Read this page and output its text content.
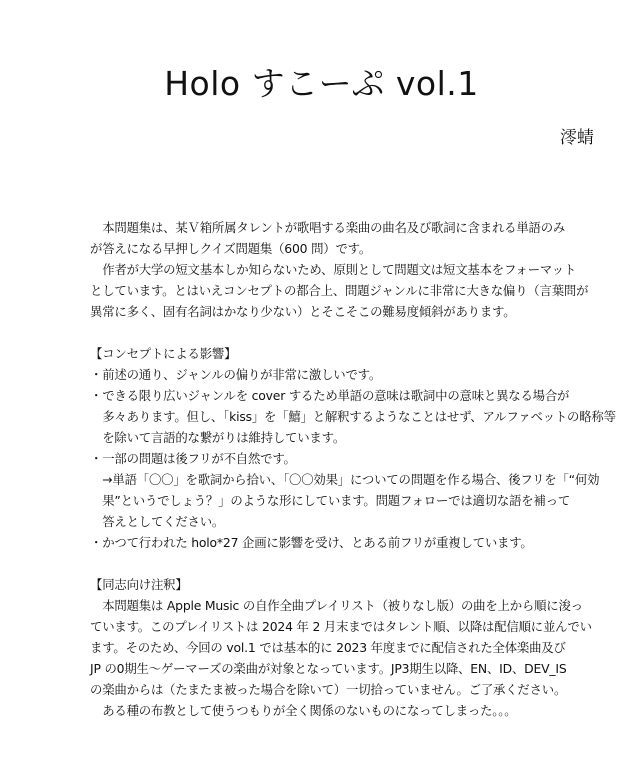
Holo すこーぷ vol.1
澪蜻

　本問題集は、某Ｖ箱所属タレントが歌唱する楽曲の曲名及び歌詞に含まれる単語のみ

が答えになる早押しクイズ問題集（600 問）です。

　作者が大学の短文基本しか知らないため、原則として問題文は短文基本をフォーマット

としています。とはいえコンセプトの都合上、問題ジャンルに非常に大きな偏り（言葉問が

異常に多く、固有名詞はかなり少ない）とそこそこの難易度傾斜があります。

【コンセプトによる影響】

・前述の通り、ジャンルの偏りが非常に激しいです。

・できる限り広いジャンルを cover するため単語の意味は歌詞中の意味と異なる場合が

　多々あります。但し、「kiss」を「鱚」と解釈するようなことはせず、アルファベットの略称等

　を除いて言語的な繋がりは維持しています。

・一部の問題は後フリが不自然です。

　→単語「〇〇」を歌詞から拾い、「〇〇効果」についての問題を作る場合、後フリを「“何効

　果”というでしょう？」のような形にしています。問題フォローでは適切な語を補って

　答えとしてください。

・かつて行われた holo*27 企画に影響を受け、とある前フリが重複しています。

【同志向け注釈】

　本問題集は Apple Music の自作全曲プレイリスト（被りなし版）の曲を上から順に浚っ

ています。このプレイリストは 2024 年 2 月末まではタレント順、以降は配信順に並んでい

ます。そのため、今回の vol.1 では基本的に 2023 年度までに配信された全体楽曲及び

JP の0期生～ゲーマーズの楽曲が対象となっています。JP3期生以降、EN、ID、DEV_IS

の楽曲からは（たまたま被った場合を除いて）一切拾っていません。ご了承ください。

　ある種の布教として使うつもりが全く関係のないものになってしまった。。。
